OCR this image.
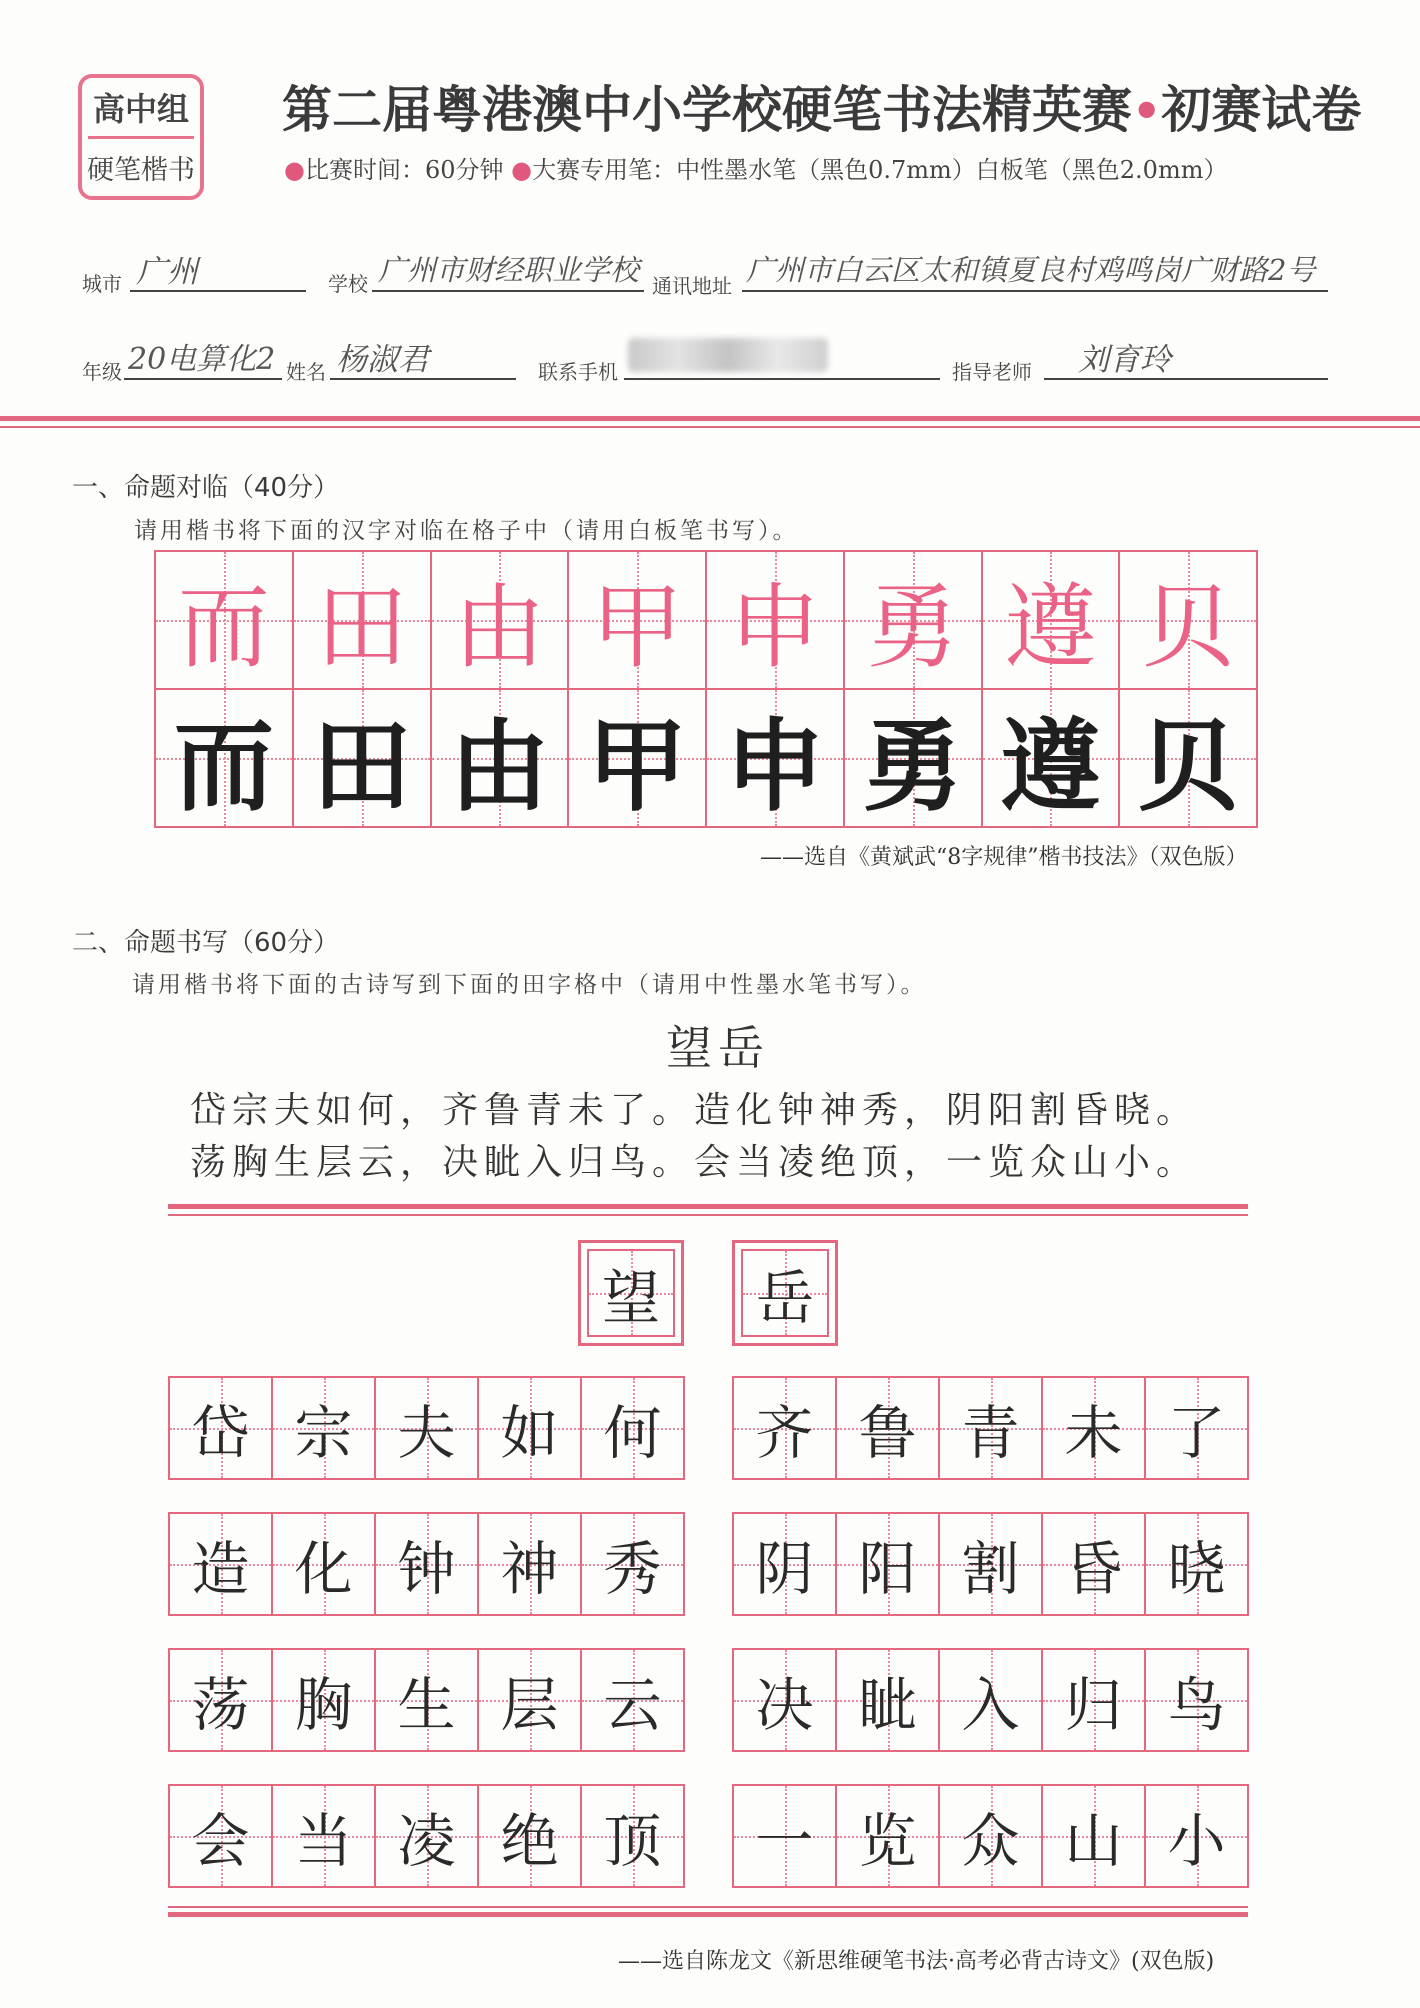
高中组
硬笔楷书
第二届粤港澳中小学校硬笔书法精英赛•初赛试卷
●比赛时间：60分钟 ●大赛专用笔：中性墨水笔（黑色0.7mm）白板笔（黑色2.0mm）
城市 广州	学校 广州市财经职业学校 通讯地址 广州市白云区太和镇夏良村鸡鸣岗广财路2号
年级 20电算化2 姓名 杨淑君	联系手机	指导老师 刘育玲
一、命题对临（40分）
请用楷书将下面的汉字对临在格子中（请用白板笔书写）。
而 田 由 甲 申 勇 遵 贝
而 田 由 甲 申 勇 遵 贝
——选自《黄斌武“8字规律”楷书技法》（双色版）
二、命题书写（60分）
请用楷书将下面的古诗写到下面的田字格中（请用中性墨水笔书写）。
望岳
岱宗夫如何，齐鲁青未了。造化钟神秀，阴阳割昏晓。
荡胸生层云，决眦入归鸟。会当凌绝顶，一览众山小。
望 岳
岱 宗 夫 如 何 齐 鲁 青 未 了
造 化 钟 神 秀 阴 阳 割 昏 晓
荡 胸 生 层 云 决 眦 入 归 鸟
会 当 凌 绝 顶 一 览 众 山 小
——选自陈龙文《新思维硬笔书法·高考必背古诗文》(双色版)
